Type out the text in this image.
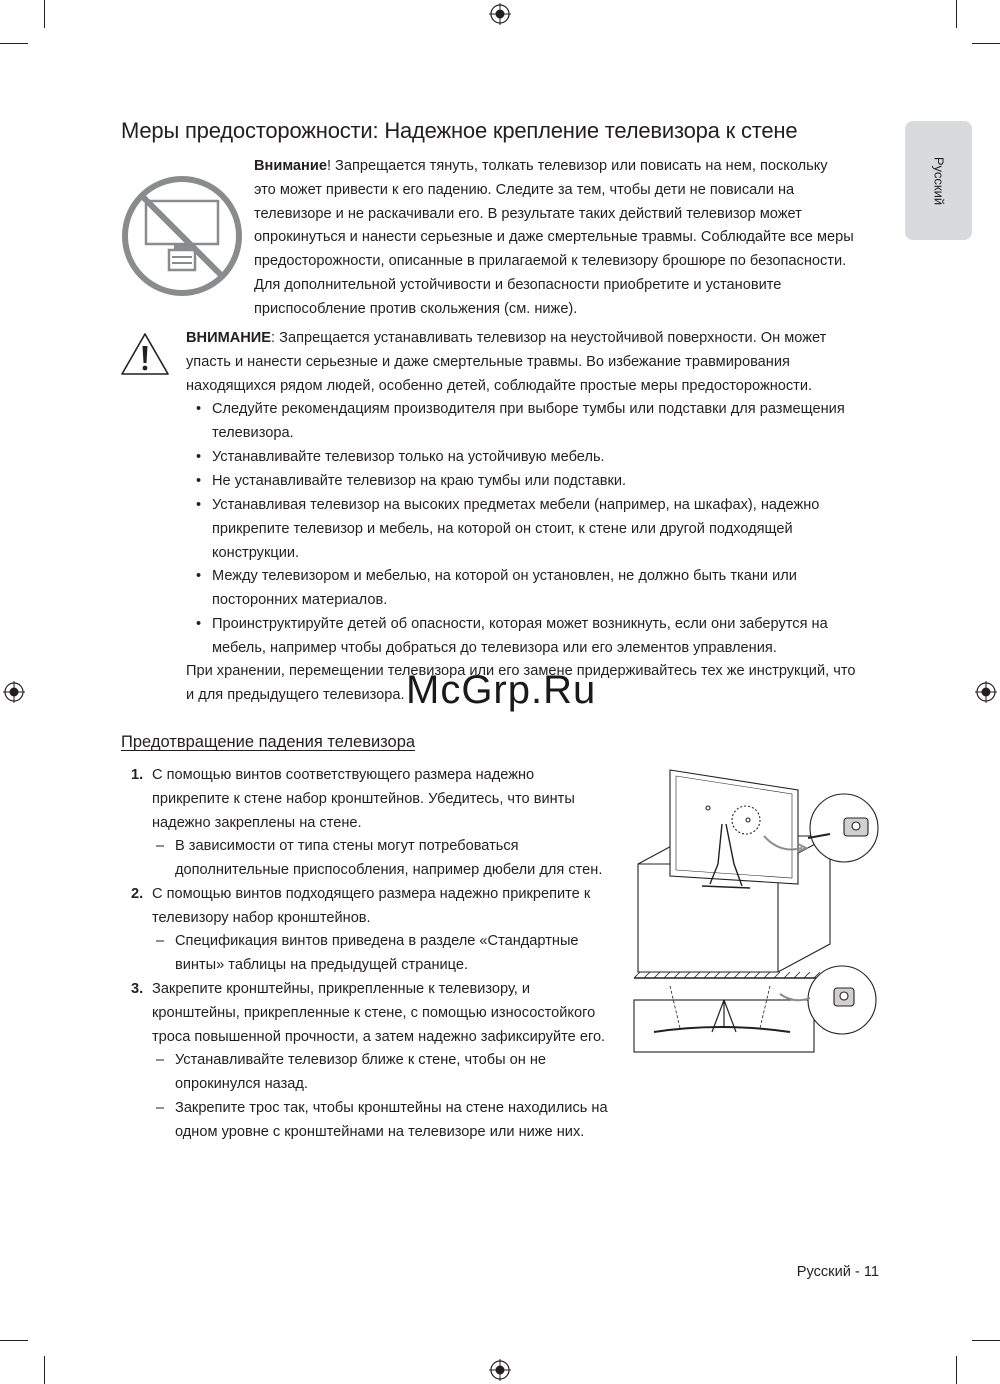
Русский
Меры предосторожности: Надежное крепление телевизора к стене
Внимание! Запрещается тянуть, толкать телевизор или повисать на нем, поскольку
это может привести к его падению. Следите за тем, чтобы дети не повисали на
телевизоре и не раскачивали его. В результате таких действий телевизор может
опрокинуться и нанести серьезные и даже смертельные травмы. Соблюдайте все меры
предосторожности, описанные в прилагаемой к телевизору брошюре по безопасности.
Для дополнительной устойчивости и безопасности приобретите и установите
приспособление против скольжения (см. ниже).
ВНИМАНИЕ: Запрещается устанавливать телевизор на неустойчивой поверхности. Он может
упасть и нанести серьезные и даже смертельные травмы. Во избежание травмирования
находящихся рядом людей, особенно детей, соблюдайте простые меры предосторожности.
• Следуйте рекомендациям производителя при выборе тумбы или подставки для размещения
телевизора.
• Устанавливайте телевизор только на устойчивую мебель.
• Не устанавливайте телевизор на краю тумбы или подставки.
• Устанавливая телевизор на высоких предметах мебели (например, на шкафах), надежно
прикрепите телевизор и мебель, на которой он стоит, к стене или другой подходящей
конструкции.
• Между телевизором и мебелью, на которой он установлен, не должно быть ткани или
посторонних материалов.
• Проинструктируйте детей об опасности, которая может возникнуть, если они заберутся на
мебель, например чтобы добраться до телевизора или его элементов управления.
При хранении, перемещении телевизора или его замене придерживайтесь тех же инструкций, что
и для предыдущего телевизора. McGrp.Ru
Предотвращение падения телевизора
1. С помощью винтов соответствующего размера надежно
прикрепите к стене набор кронштейнов. Убедитесь, что винты
надежно закреплены на стене.
– В зависимости от типа стены могут потребоваться
дополнительные приспособления, например дюбели для стен.
2. С помощью винтов подходящего размера надежно прикрепите к
телевизору набор кронштейнов.
– Спецификация винтов приведена в разделе «Стандартные
винты» таблицы на предыдущей странице.
3. Закрепите кронштейны, прикрепленные к телевизору, и
кронштейны, прикрепленные к стене, с помощью износостойкого
троса повышенной прочности, а затем надежно зафиксируйте его.
– Устанавливайте телевизор ближе к стене, чтобы он не
опрокинулся назад.
– Закрепите трос так, чтобы кронштейны на стене находились на
одном уровне с кронштейнами на телевизоре или ниже них.
Русский - 11
